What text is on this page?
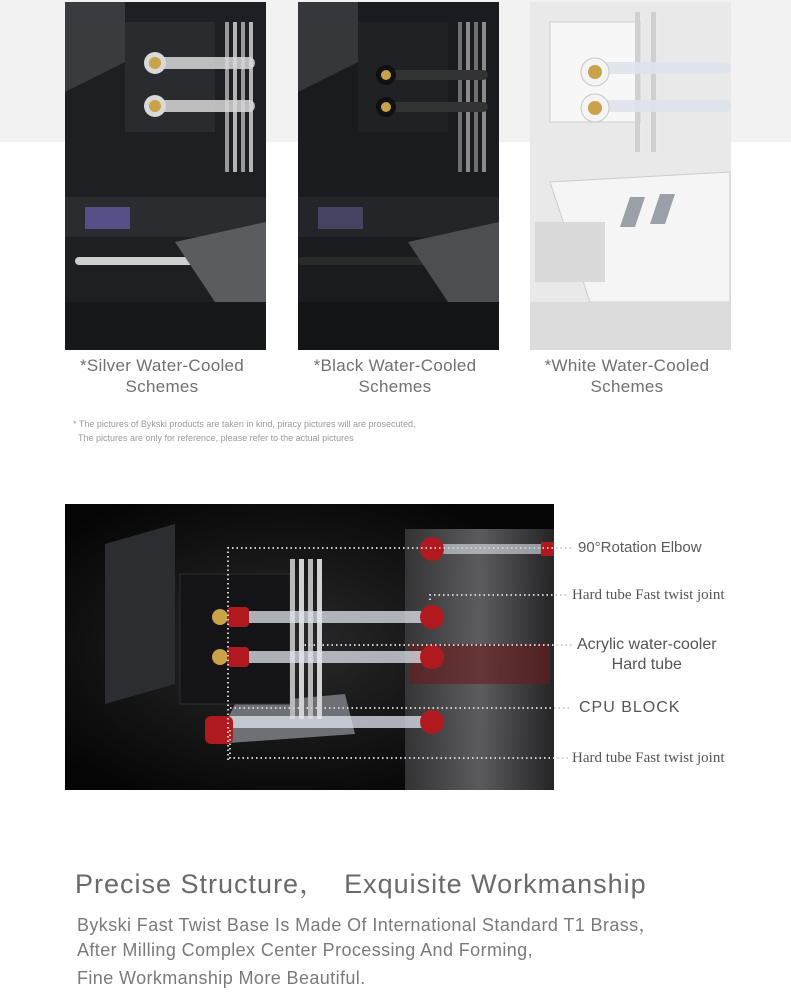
*Silver Water-Cooled
Schemes
*Black Water-Cooled
Schemes
*White Water-Cooled
Schemes
* The pictures of Bykski products are taken in kind, piracy pictures will are prosecuted,
The pictures are only for reference, please refer to the actual pictures
90°Rotation Elbow
Hard tube Fast twist joint
Acrylic water-cooler
Hard tube
CPU BLOCK
Hard tube Fast twist joint
Precise Structure，  Exquisite Workmanship
Bykski Fast Twist Base Is Made Of International Standard T1 Brass，
After Milling Complex Center Processing And Forming,
Fine Workmanship More Beautiful.
